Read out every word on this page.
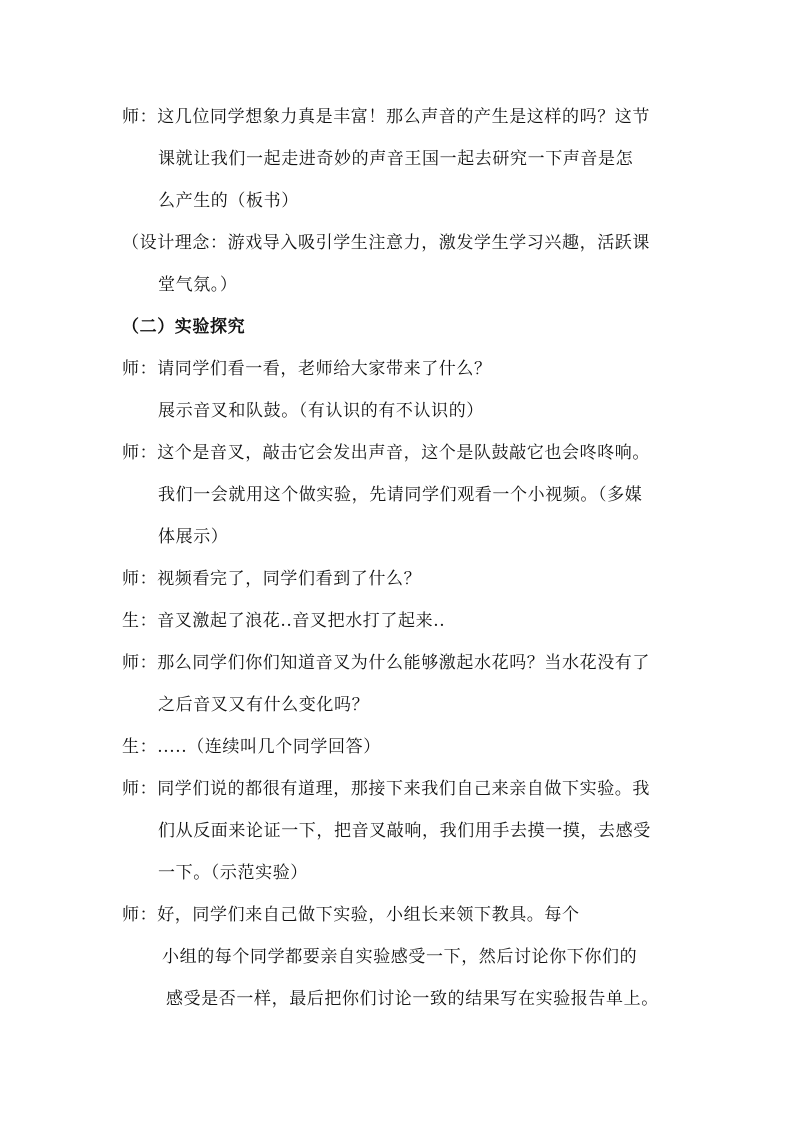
师：这几位同学想象力真是丰富！那么声音的产生是这样的吗？这节
课就让我们一起走进奇妙的声音王国一起去研究一下声音是怎
么产生的（板书）
（设计理念：游戏导入吸引学生注意力，激发学生学习兴趣，活跃课
堂气氛。）
（二）实验探究
师：请同学们看一看，老师给大家带来了什么？
展示音叉和队鼓。（有认识的有不认识的）
师：这个是音叉，敲击它会发出声音，这个是队鼓敲它也会咚咚响。
我们一会就用这个做实验，先请同学们观看一个小视频。（多媒
体展示）
师：视频看完了，同学们看到了什么？
生：音叉激起了浪花..音叉把水打了起来..
师：那么同学们你们知道音叉为什么能够激起水花吗？当水花没有了
之后音叉又有什么变化吗？
生：.....（连续叫几个同学回答）
师：同学们说的都很有道理，那接下来我们自己来亲自做下实验。我
们从反面来论证一下，把音叉敲响，我们用手去摸一摸，去感受
一下。（示范实验）
师：好，同学们来自己做下实验，小组长来领下教具。每个
小组的每个同学都要亲自实验感受一下，然后讨论你下你们的
感受是否一样，最后把你们讨论一致的结果写在实验报告单上。
